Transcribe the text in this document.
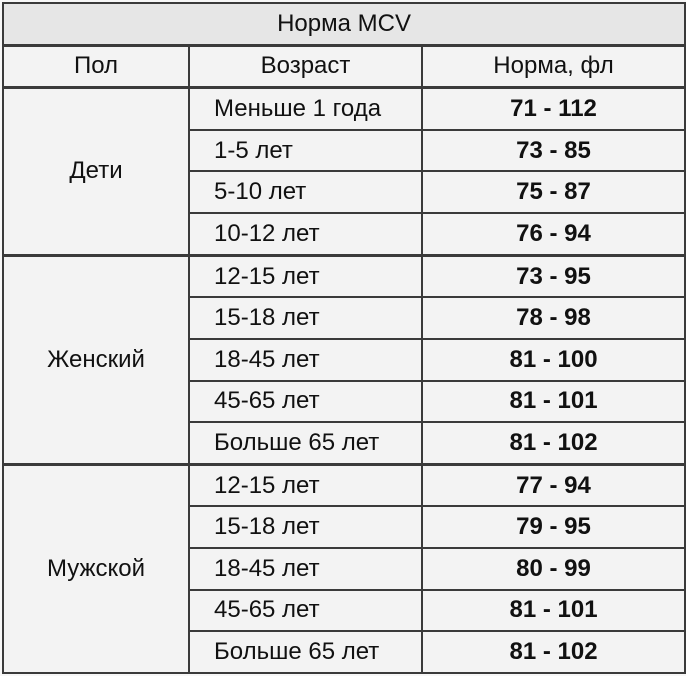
Норма MCV		
Пол	Возраст	Норма, фл
Дети	Меньше 1 года	71 - 112
	1-5 лет	73 - 85
	5-10 лет	75 - 87
	10-12 лет	76 - 94
Женский	12-15 лет	73 - 95
	15-18 лет	78 - 98
	18-45 лет	81 - 100
	45-65 лет	81 - 101
	Больше 65 лет	81 - 102
Мужской	12-15 лет	77 - 94
	15-18 лет	79 - 95
	18-45 лет	80 - 99
	45-65 лет	81 - 101
	Больше 65 лет	81 - 102
